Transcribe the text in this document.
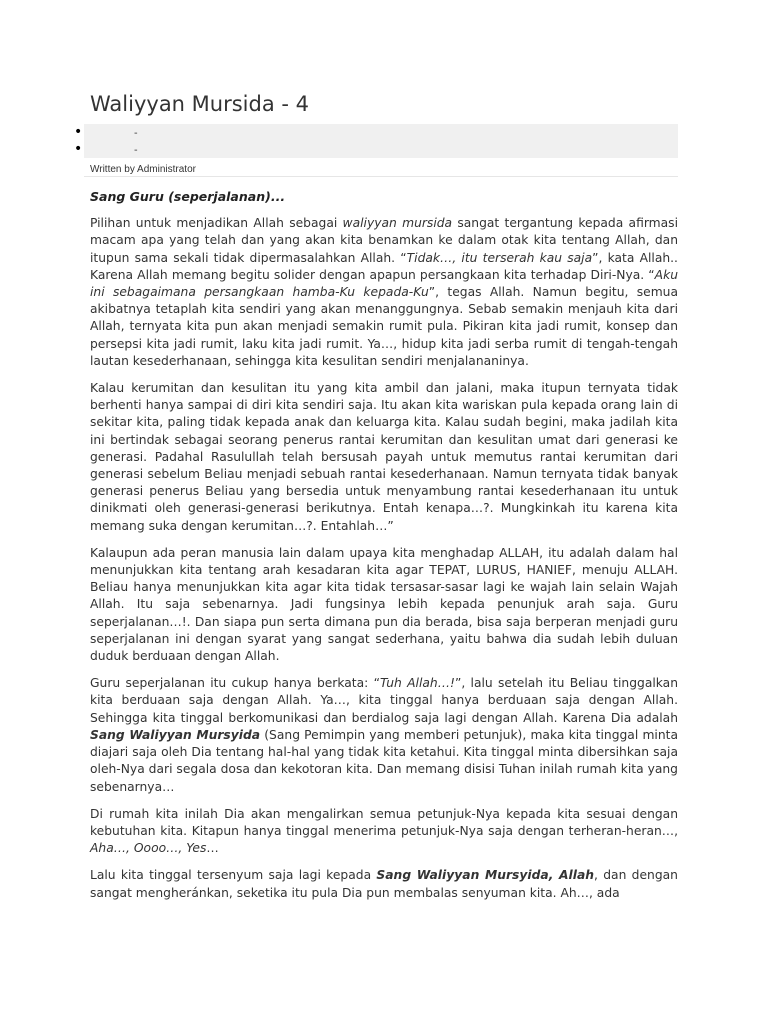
Waliyyan Mursida - 4
•	-
•	-
Written by Administrator
Sang Guru (seperjalanan)...

Pilihan untuk menjadikan Allah sebagai waliyyan mursida sangat tergantung kepada afirmasi macam apa yang telah dan yang akan kita benamkan ke dalam otak kita tentang Allah, dan itupun sama sekali tidak dipermasalahkan Allah. “Tidak…, itu terserah kau saja”, kata Allah.. Karena Allah memang begitu solider dengan apapun persangkaan kita terhadap Diri-Nya. “Aku ini sebagaimana persangkaan hamba-Ku kepada-Ku”, tegas Allah. Namun begitu, semua akibatnya tetaplah kita sendiri yang akan menanggungnya. Sebab semakin menjauh kita dari Allah, ternyata kita pun akan menjadi semakin rumit pula. Pikiran kita jadi rumit, konsep dan persepsi kita jadi rumit, laku kita jadi rumit. Ya…, hidup kita jadi serba rumit di tengah-tengah lautan kesederhanaan, sehingga kita kesulitan sendiri menjalananinya.

Kalau kerumitan dan kesulitan itu yang kita ambil dan jalani, maka itupun ternyata tidak berhenti hanya sampai di diri kita sendiri saja. Itu akan kita wariskan pula kepada orang lain di sekitar kita, paling tidak kepada anak dan keluarga kita. Kalau sudah begini, maka jadilah kita ini bertindak sebagai seorang penerus rantai kerumitan dan kesulitan umat dari generasi ke generasi. Padahal Rasulullah telah bersusah payah untuk memutus rantai kerumitan dari generasi sebelum Beliau menjadi sebuah rantai kesederhanaan. Namun ternyata tidak banyak generasi penerus Beliau yang bersedia untuk menyambung rantai kesederhanaan itu untuk dinikmati oleh generasi-generasi berikutnya. Entah kenapa…?. Mungkinkah itu karena kita memang suka dengan kerumitan…?. Entahlah…”

Kalaupun ada peran manusia lain dalam upaya kita menghadap ALLAH, itu adalah dalam hal menunjukkan kita tentang arah kesadaran kita agar TEPAT, LURUS, HANIEF, menuju ALLAH. Beliau hanya menunjukkan kita agar kita tidak tersasar-sasar lagi ke wajah lain selain Wajah Allah. Itu saja sebenarnya. Jadi fungsinya lebih kepada penunjuk arah saja. Guru seperjalanan…!. Dan siapa pun serta dimana pun dia berada, bisa saja berperan menjadi guru seperjalanan ini dengan syarat yang sangat sederhana, yaitu bahwa dia sudah lebih duluan duduk berduaan dengan Allah.

Guru seperjalanan itu cukup hanya berkata: “Tuh Allah…!”, lalu setelah itu Beliau tinggalkan kita berduaan saja dengan Allah. Ya…, kita tinggal hanya berduaan saja dengan Allah. Sehingga kita tinggal berkomunikasi dan berdialog saja lagi dengan Allah. Karena Dia adalah Sang Waliyyan Mursyida (Sang Pemimpin yang memberi petunjuk), maka kita tinggal minta diajari saja oleh Dia tentang hal-hal yang tidak kita ketahui. Kita tinggal minta dibersihkan saja oleh-Nya dari segala dosa dan kekotoran kita. Dan memang disisi Tuhan inilah rumah kita yang sebenarnya…

Di rumah kita inilah Dia akan mengalirkan semua petunjuk-Nya kepada kita sesuai dengan kebutuhan kita. Kitapun hanya tinggal menerima petunjuk-Nya saja dengan terheran-heran…, Aha…, Oooo…, Yes…

Lalu kita tinggal tersenyum saja lagi kepada Sang Waliyyan Mursyida, Allah, dan dengan sangat mengheránkan, seketika itu pula Dia pun membalas senyuman kita. Ah…, ada
